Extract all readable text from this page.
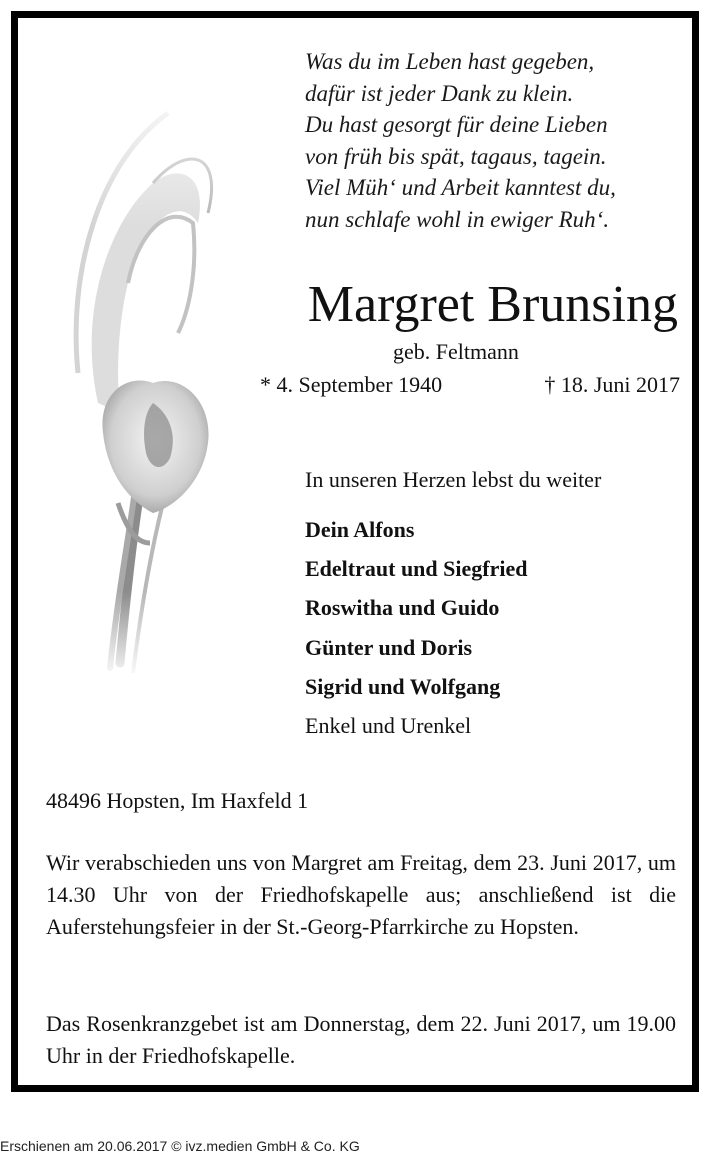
Was du im Leben hast gegeben,
dafür ist jeder Dank zu klein.
Du hast gesorgt für deine Lieben
von früh bis spät, tagaus, tagein.
Viel Müh‘ und Arbeit kanntest du,
nun schlafe wohl in ewiger Ruh‘.
Margret Brunsing
geb. Feltmann
* 4. September 1940	† 18. Juni 2017
In unseren Herzen lebst du weiter
Dein Alfons
Edeltraut und Siegfried
Roswitha und Guido
Günter und Doris
Sigrid und Wolfgang
Enkel und Urenkel
48496 Hopsten, Im Haxfeld 1
Wir verabschieden uns von Margret am Freitag, dem 23. Juni 2017, um 14.30 Uhr von der Friedhofskapelle aus; anschließend ist die Auferstehungsfeier in der St.-Georg-Pfarrkirche zu Hopsten.
Das Rosenkranzgebet ist am Donnerstag, dem 22. Juni 2017, um 19.00 Uhr in der Friedhofskapelle.
Erschienen am 20.06.2017 © ivz.medien GmbH & Co. KG
